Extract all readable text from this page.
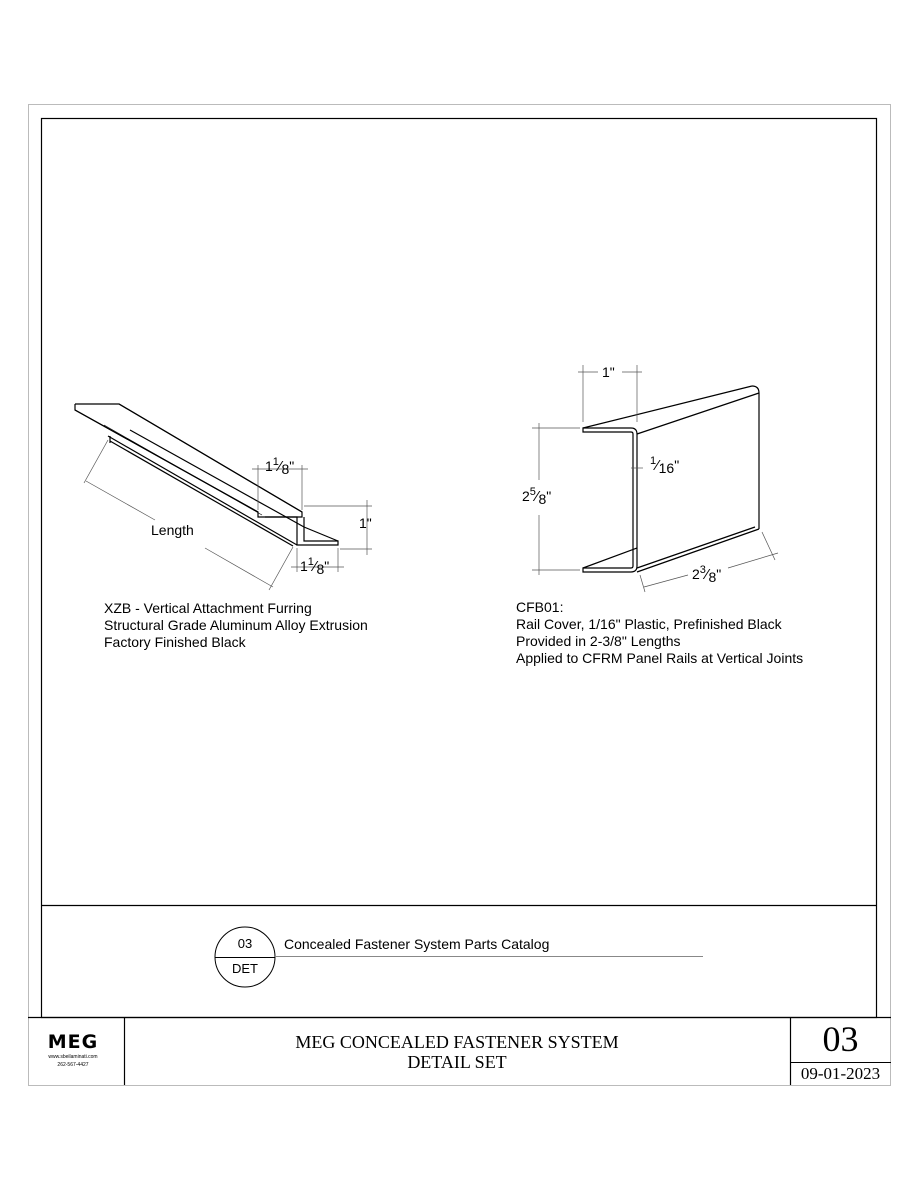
$1^1⁄_8$"
1"
$1^1⁄_8$"
Length
XZB - Vertical Attachment Furring
Structural Grade Aluminum Alloy Extrusion
Factory Finished Black
1"
$^1⁄_{16}$"
$2^5⁄_8$"
$2^3⁄_8$"
CFB01:
Rail Cover, 1/16" Plastic, Prefinished Black
Provided in 2-3/8" Lengths
Applied to CFRM Panel Rails at Vertical Joints
03
DET
Concealed Fastener System Parts Catalog
MEG
www.sbeilaminati.com
262-567-4427
MEG CONCEALED FASTENER SYSTEM
DETAIL SET
03
09-01-2023
